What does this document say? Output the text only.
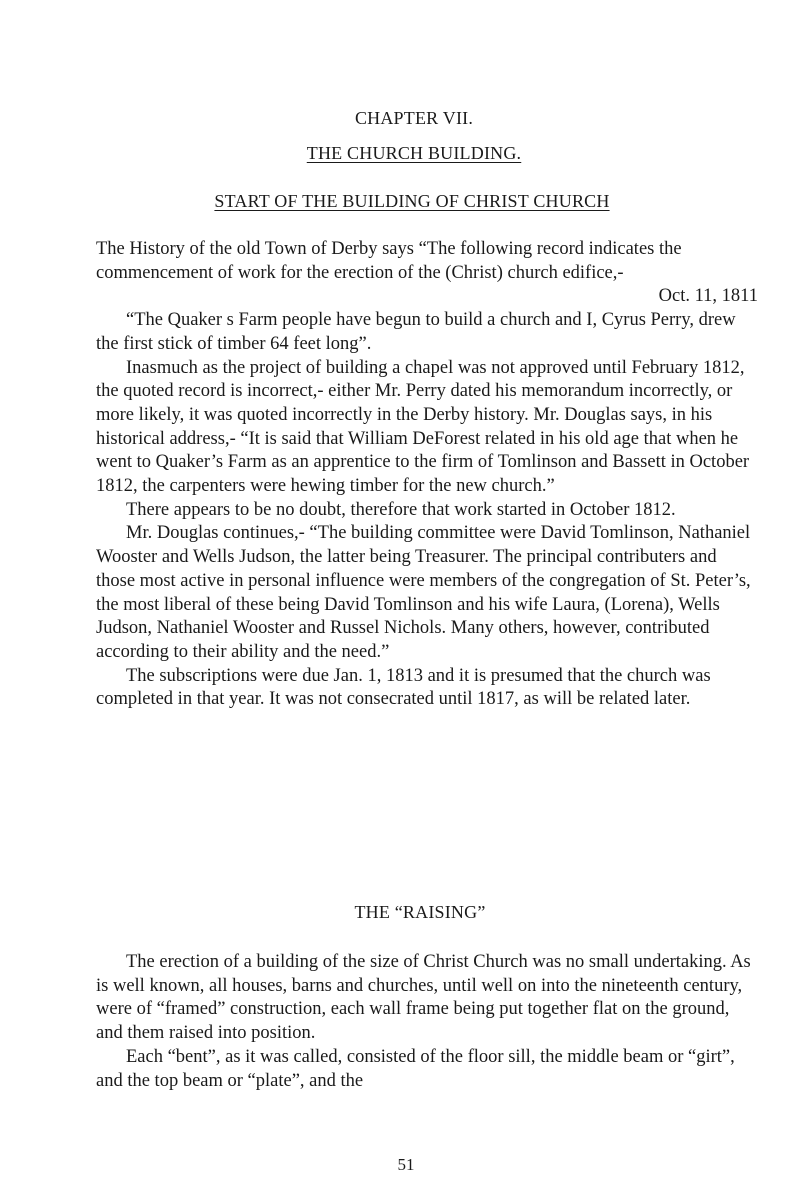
CHAPTER VII.
THE CHURCH BUILDING.
START OF THE BUILDING OF CHRIST CHURCH

The History of the old Town of Derby says “The following record indicates the commencement of work for the erection of the (Christ) church edifice,-

Oct. 11, 1811

“The Quaker s Farm people have begun to build a church and I, Cyrus Perry, drew the first stick of timber 64 feet long”.

Inasmuch as the project of building a chapel was not approved until February 1812, the quoted record is incorrect,- either Mr. Perry dated his memorandum incorrectly, or more likely, it was quoted incorrectly in the Derby history. Mr. Douglas says, in his historical address,- “It is said that William DeForest related in his old age that when he went to Quaker’s Farm as an apprentice to the firm of Tomlinson and Bassett in October 1812, the carpenters were hewing timber for the new church.”

There appears to be no doubt, therefore that work started in October 1812.

Mr. Douglas continues,- “The building committee were David Tomlinson, Nathaniel Wooster and Wells Judson, the latter being Treasurer. The principal contributers and those most active in personal influence were members of the congregation of St. Peter’s, the most liberal of these being David Tomlinson and his wife Laura, (Lorena), Wells Judson, Nathaniel Wooster and Russel Nichols. Many others, however, contributed according to their ability and the need.”

The subscriptions were due Jan. 1, 1813 and it is presumed that the church was completed in that year. It was not consecrated until 1817, as will be related later.

THE “RAISING”

The erection of a building of the size of Christ Church was no small undertaking. As is well known, all houses, barns and churches, until well on into the nineteenth century, were of “framed” construction, each wall frame being put together flat on the ground, and them raised into position.

Each “bent”, as it was called, consisted of the floor sill, the middle beam or “girt”, and the top beam or “plate”, and the

51
